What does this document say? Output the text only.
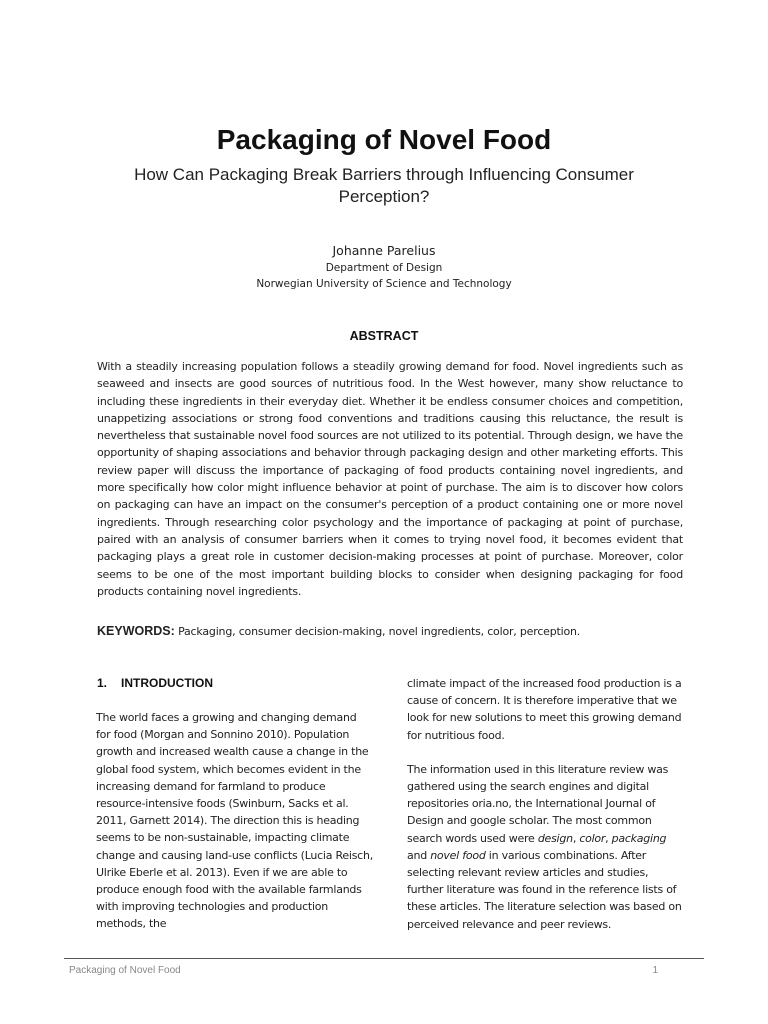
Packaging of Novel Food

How Can Packaging Break Barriers through Influencing Consumer Perception?

Johanne Parelius
Department of Design
Norwegian University of Science and Technology
ABSTRACT

With a steadily increasing population follows a steadily growing demand for food. Novel ingredients such as seaweed and insects are good sources of nutritious food. In the West however, many show reluctance to including these ingredients in their everyday diet. Whether it be endless consumer choices and competition, unappetizing associations or strong food conventions and traditions causing this reluctance, the result is nevertheless that sustainable novel food sources are not utilized to its potential. Through design, we have the opportunity of shaping associations and behavior through packaging design and other marketing efforts. This review paper will discuss the importance of packaging of food products containing novel ingredients, and more specifically how color might influence behavior at point of purchase. The aim is to discover how colors on packaging can have an impact on the consumer's perception of a product containing one or more novel ingredients. Through researching color psychology and the importance of packaging at point of purchase, paired with an analysis of consumer barriers when it comes to trying novel food, it becomes evident that packaging plays a great role in customer decision-making processes at point of purchase. Moreover, color seems to be one of the most important building blocks to consider when designing packaging for food products containing novel ingredients.

KEYWORDS: Packaging, consumer decision-making, novel ingredients, color, perception.

1. INTRODUCTION

The world faces a growing and changing demand for food (Morgan and Sonnino 2010). Population growth and increased wealth cause a change in the global food system, which becomes evident in the increasing demand for farmland to produce resource-intensive foods (Swinburn, Sacks et al. 2011, Garnett 2014). The direction this is heading seems to be non-sustainable, impacting climate change and causing land-use conflicts (Lucia Reisch, Ulrike Eberle et al. 2013). Even if we are able to produce enough food with the available farmlands with improving technologies and production methods, the

climate impact of the increased food production is a cause of concern. It is therefore imperative that we look for new solutions to meet this growing demand for nutritious food.

The information used in this literature review was gathered using the search engines and digital repositories oria.no, the International Journal of Design and google scholar. The most common search words used were design, color, packaging and novel food in various combinations. After selecting relevant review articles and studies, further literature was found in the reference lists of these articles. The literature selection was based on perceived relevance and peer reviews.

Packaging of Novel Food	1
